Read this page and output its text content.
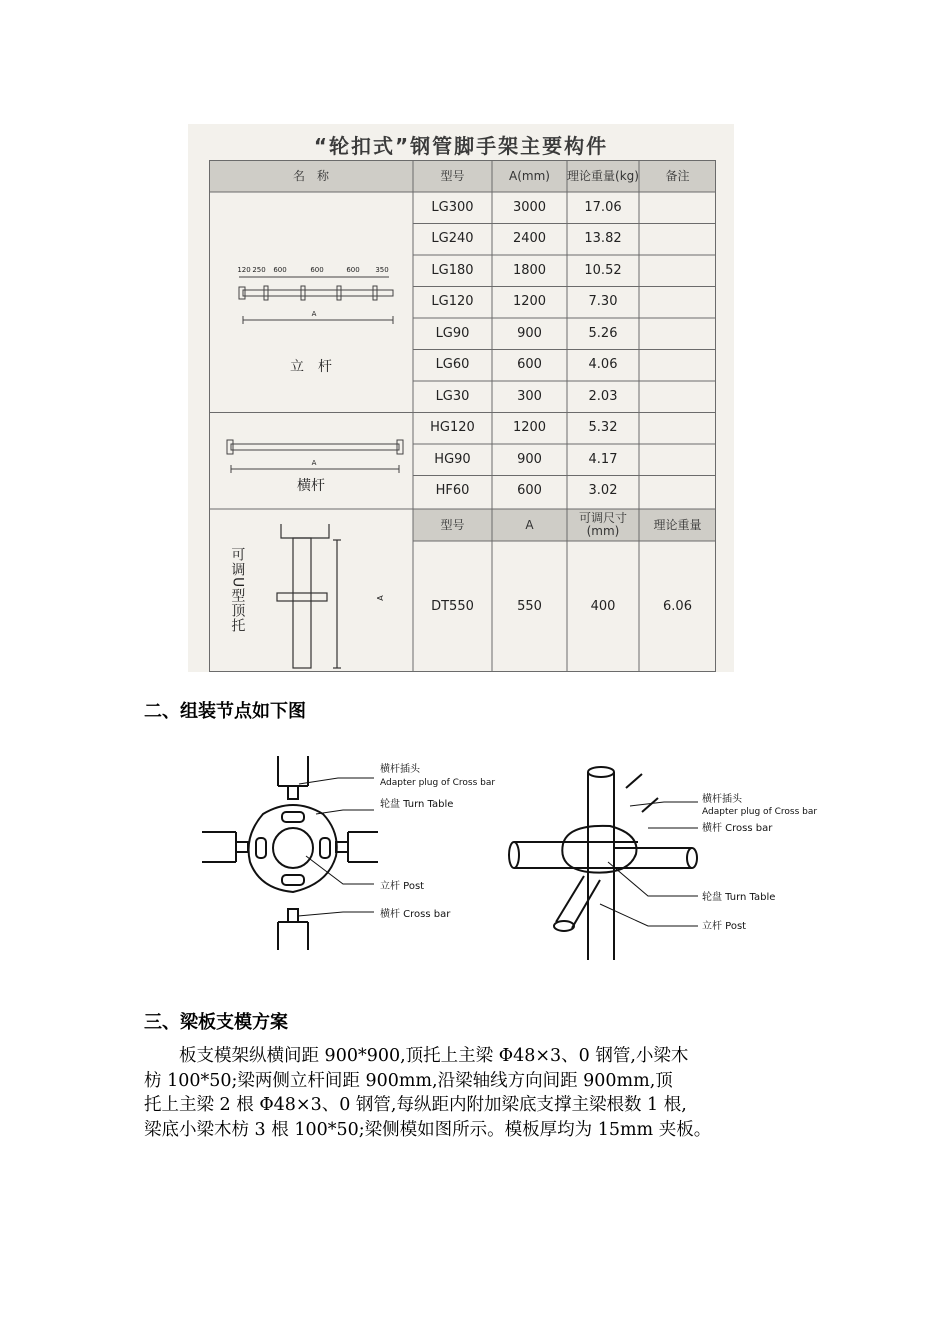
“轮扣式”钢管脚手架主要构件
名　称	型号	A(mm)	理论重量(kg)	备注
LG300	3000	17.06
LG240	2400	13.82
LG180	1800	10.52
LG120	1200	7.30
LG90	900	5.26
LG60	600	4.06
LG30	300	2.03
HG120	1200	5.32
HG90	900	4.17
HF60	600	3.02
型号	A	可调尺寸(mm)	理论重量
DT550	550	400	6.06
立　杆
横杆
可调U型顶托
120 250 600	600	600 350
A
A
A
二、组装节点如下图
横杆插头
Adapter plug of Cross bar
轮盘 Turn Table
立杆 Post
横杆 Cross bar
横杆插头
Adapter plug of Cross bar
横杆 Cross bar
轮盘 Turn Table
立杆 Post
三、梁板支模方案
　　板支模架纵横间距 900*900,顶托上主梁 Φ48×3、0 钢管,小梁木
枋 100*50;梁两侧立杆间距 900mm,沿梁轴线方向间距 900mm,顶
托上主梁 2 根 Φ48×3、0 钢管,每纵距内附加梁底支撑主梁根数 1 根,
梁底小梁木枋 3 根 100*50;梁侧模如图所示。模板厚均为 15mm 夹板。
